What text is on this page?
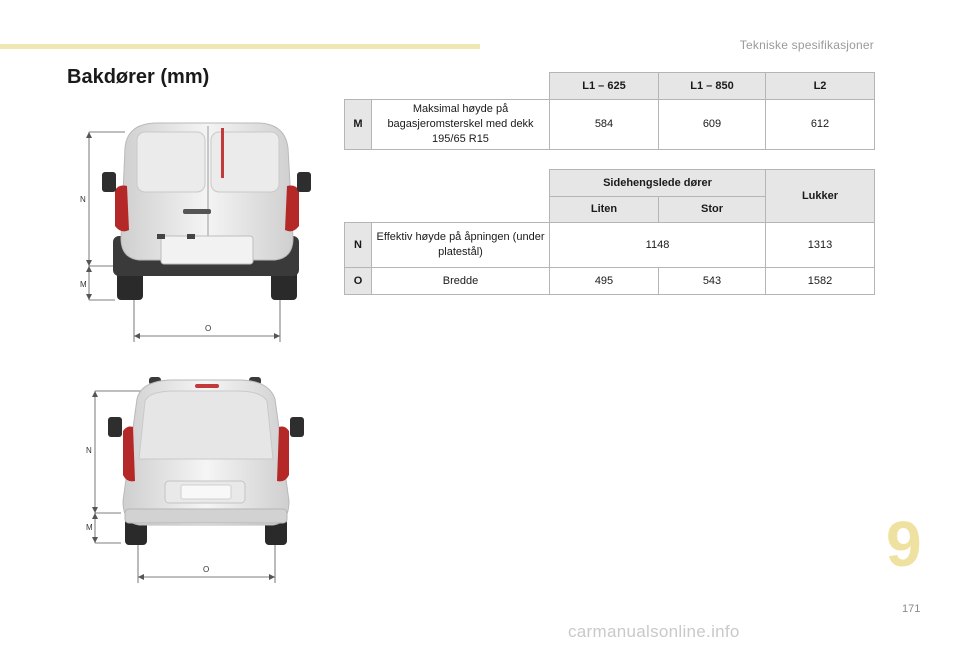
Tekniske spesifikasjoner
Bakdører (mm)
			L1 – 625	L1 – 850	L2
M	Maksimal høyde på bagasjeromsterskel med dekk 195/65 R15	584	609	612
		Sidehengslede dører		Lukker
		Liten	Stor	
N	Effektiv høyde på åpningen (under platestål)	1148		1313
O	Bredde	495	543	1582
N
M
O
N
M
O	9
171
carmanualsonline.info
